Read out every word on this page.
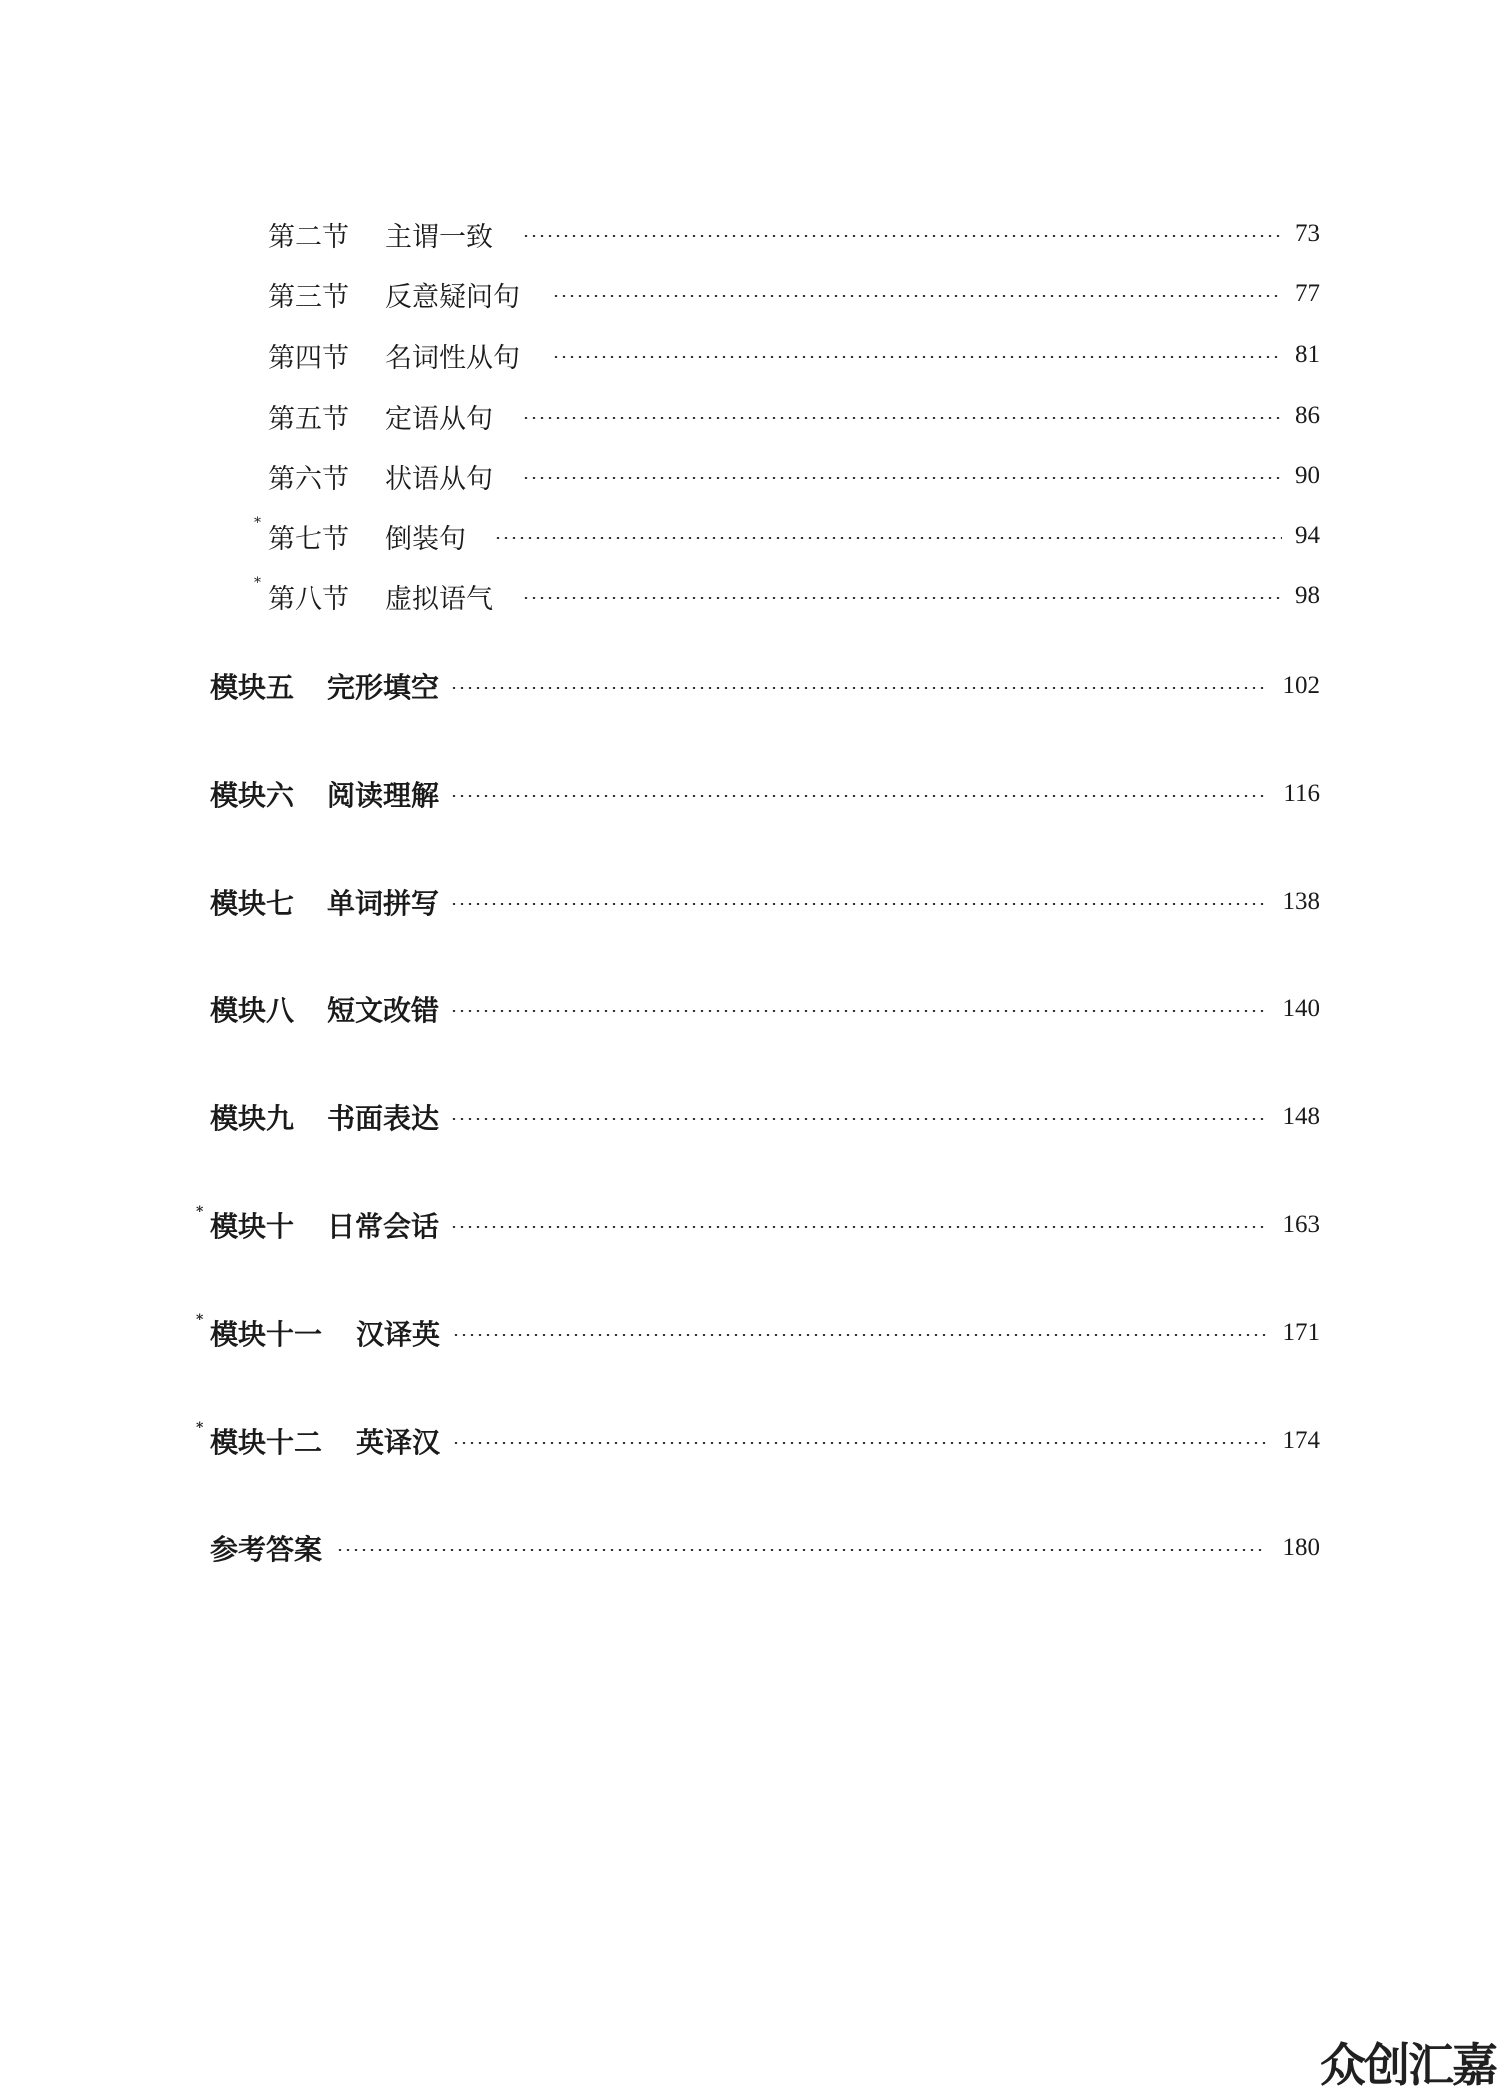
第二节 主谓一致	73
第三节 反意疑问句	77
第四节 名词性从句	81
第五节 定语从句	86
第六节 状语从句	90
*
第七节 倒装句	94
*
第八节 虚拟语气	98
模块五 完形填空	102
模块六 阅读理解	116
模块七 单词拼写	138
模块八 短文改错	140
模块九 书面表达	148
* 模块十 日常会话	163
* 模块十一 汉译英	171
* 模块十二 英译汉	174
参考答案	180
众创汇嘉
